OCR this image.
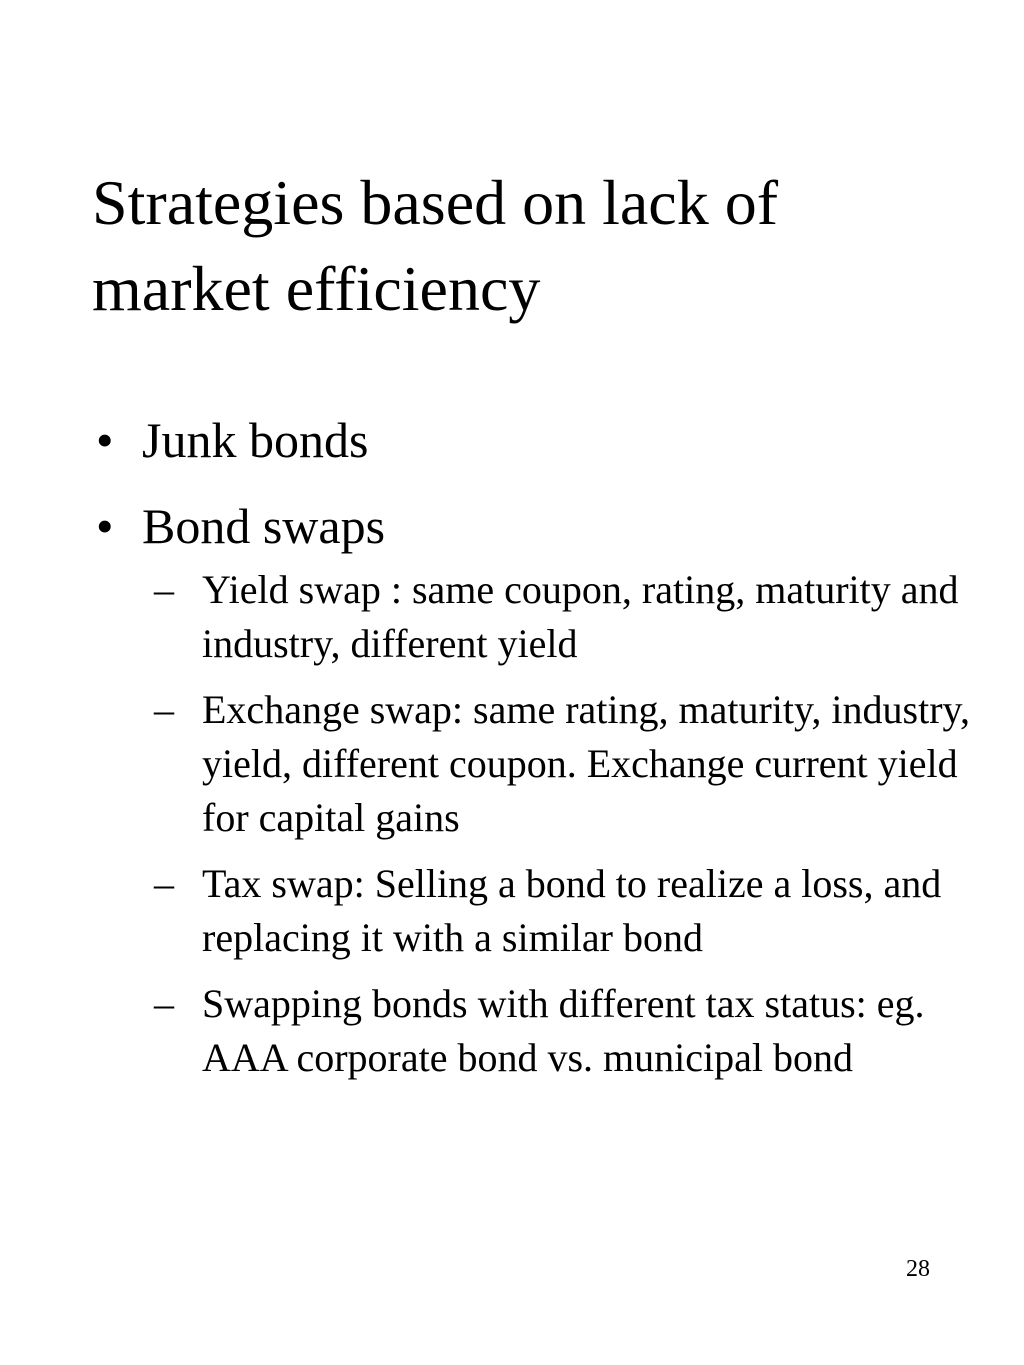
Strategies based on lack of market efficiency
• Junk bonds
• Bond swaps
– Yield swap : same coupon, rating, maturity and industry, different yield
– Exchange swap: same rating, maturity, industry, yield, different coupon. Exchange current yield for capital gains
– Tax swap: Selling a bond to realize a loss, and replacing it with a similar bond
– Swapping bonds with different tax status: eg. AAA corporate bond vs. municipal bond
28
